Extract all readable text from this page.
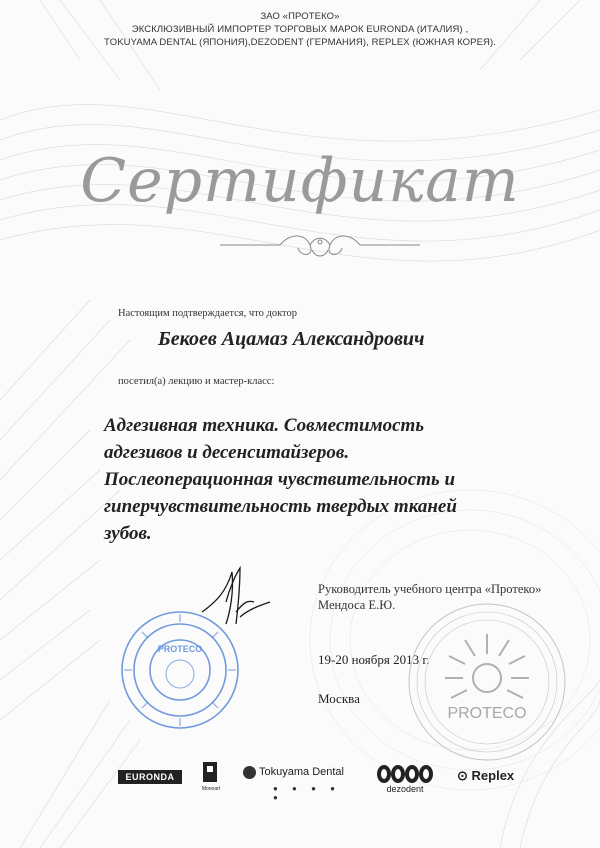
ЗАО «ПРОТЕКО»
ЭКСКЛЮЗИВНЫЙ ИМПОРТЕР ТОРГОВЫХ МАРОК EURONDA (ИТАЛИЯ) ,
TOKUYAMA DENTAL (ЯПОНИЯ),DEZODENT (ГЕРМАНИЯ), REPLEX (ЮЖНАЯ КОРЕЯ).
Сертификат
Настоящим подтверждается, что доктор
Бекоев Ацамаз Александрович
посетил(а) лекцию и мастер-класс:
Адгезивная техника. Совместимость
адгезивов и десенситайзеров.
Послеоперационная чувствительность и
гиперчувствительность твердых тканей
зубов.
Руководитель учебного центра «Протеко»
Мендоса Е.Ю.
19-20 ноября 2013 г.
Москва
PROTECO
PROTECO
EURONDA
Monoart
Tokuyama Dental
● ● ● ● ●
dezodent
⊙ Replex
